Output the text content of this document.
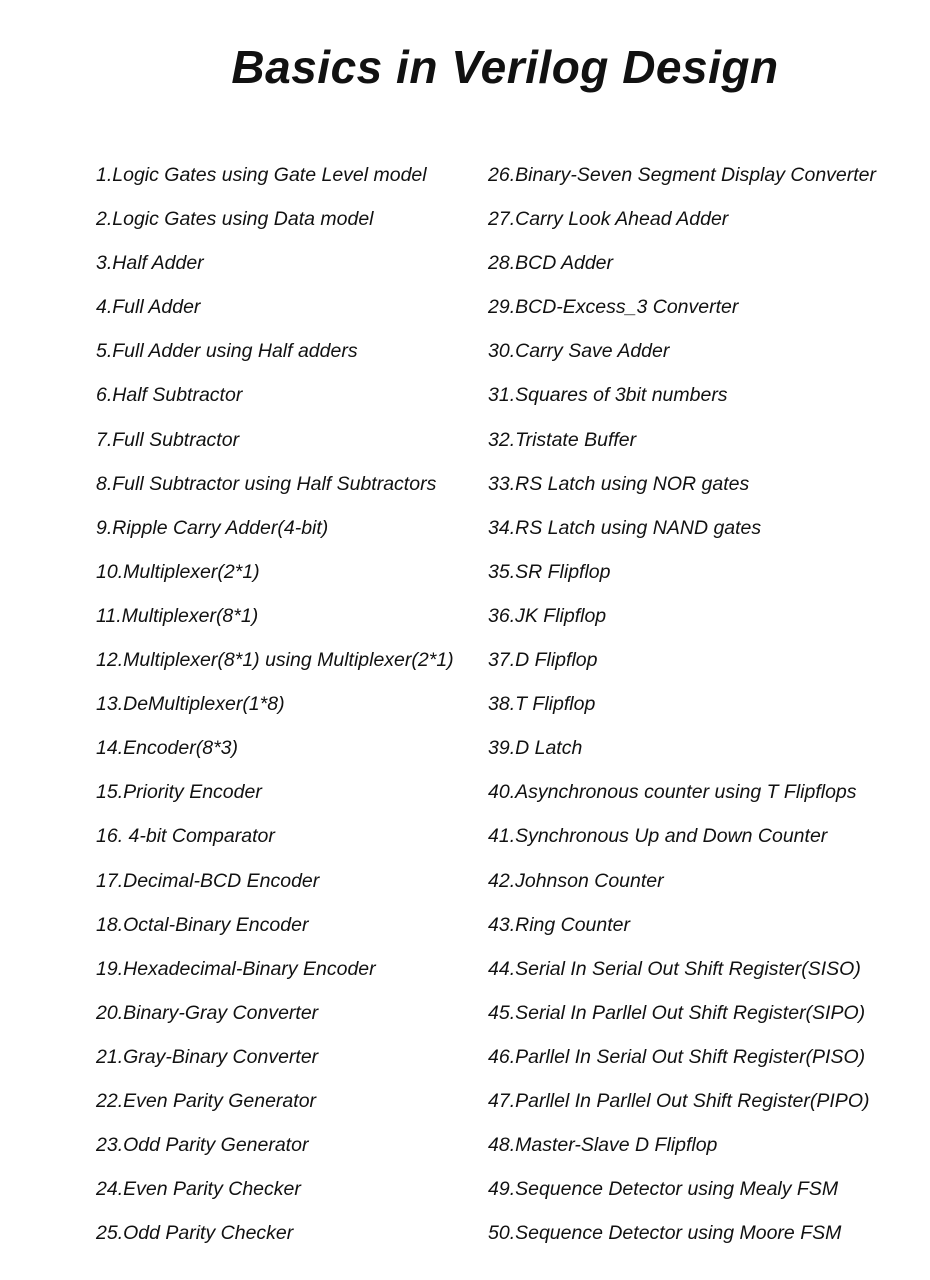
Basics in Verilog Design
1.Logic Gates using Gate Level model
2.Logic Gates using Data model
3.Half Adder
4.Full Adder
5.Full Adder using Half adders
6.Half Subtractor
7.Full Subtractor
8.Full Subtractor using Half Subtractors
9.Ripple Carry Adder(4-bit)
10.Multiplexer(2*1)
11.Multiplexer(8*1)
12.Multiplexer(8*1) using Multiplexer(2*1)
13.DeMultiplexer(1*8)
14.Encoder(8*3)
15.Priority Encoder
16. 4-bit Comparator
17.Decimal-BCD Encoder
18.Octal-Binary Encoder
19.Hexadecimal-Binary Encoder
20.Binary-Gray Converter
21.Gray-Binary Converter
22.Even Parity Generator
23.Odd Parity Generator
24.Even Parity Checker
25.Odd Parity Checker
26.Binary-Seven Segment Display Converter
27.Carry Look Ahead Adder
28.BCD Adder
29.BCD-Excess_3 Converter
30.Carry Save Adder
31.Squares of 3bit numbers
32.Tristate Buffer
33.RS Latch using NOR gates
34.RS Latch using NAND gates
35.SR Flipflop
36.JK Flipflop
37.D Flipflop
38.T Flipflop
39.D Latch
40.Asynchronous counter using T Flipflops
41.Synchronous Up and Down Counter
42.Johnson Counter
43.Ring Counter
44.Serial In Serial Out Shift Register(SISO)
45.Serial In Parllel Out Shift Register(SIPO)
46.Parllel In Serial Out Shift Register(PISO)
47.Parllel In Parllel Out Shift Register(PIPO)
48.Master-Slave D Flipflop
49.Sequence Detector using Mealy FSM
50.Sequence Detector using Moore FSM
